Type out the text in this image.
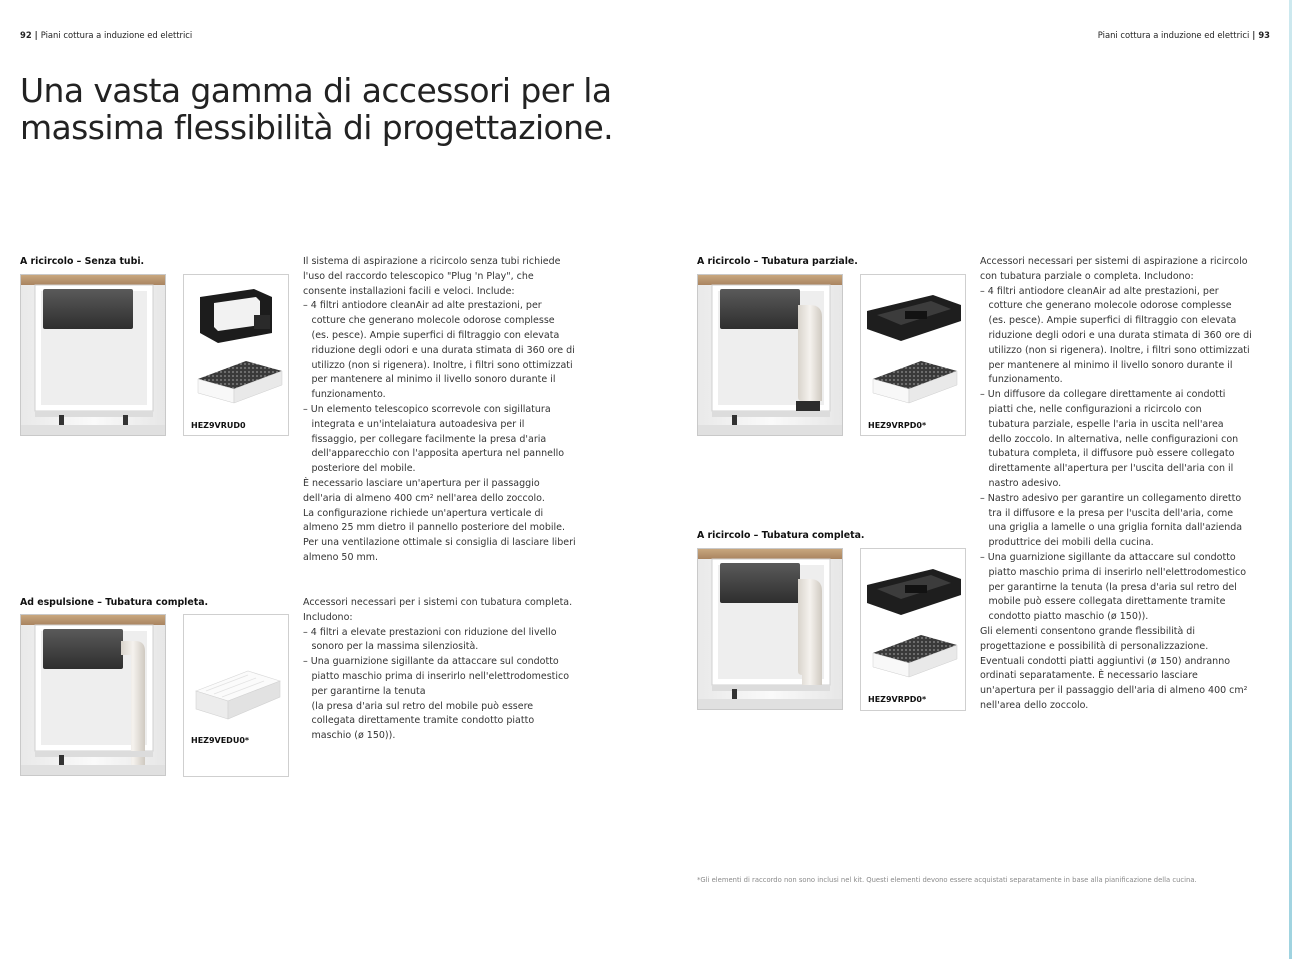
92 | Piani cottura a induzione ed elettrici	Piani cottura a induzione ed elettrici | 93
Una vasta gamma di accessori per la
massima flessibilità di progettazione.
A ricircolo – Senza tubi.
HEZ9VRUD0
Il sistema di aspirazione a ricircolo senza tubi richiede
l'uso del raccordo telescopico "Plug 'n Play", che
consente installazioni facili e veloci. Include:
– 4 filtri antiodore cleanAir ad alte prestazioni, per
cotture che generano molecole odorose complesse
(es. pesce). Ampie superfici di filtraggio con elevata
riduzione degli odori e una durata stimata di 360 ore di
utilizzo (non si rigenera). Inoltre, i filtri sono ottimizzati
per mantenere al minimo il livello sonoro durante il
funzionamento.
– Un elemento telescopico scorrevole con sigillatura
integrata e un'intelaiatura autoadesiva per il
fissaggio, per collegare facilmente la presa d'aria
dell'apparecchio con l'apposita apertura nel pannello
posteriore del mobile.
È necessario lasciare un'apertura per il passaggio
dell'aria di almeno 400 cm² nell'area dello zoccolo.
La configurazione richiede un'apertura verticale di
almeno 25 mm dietro il pannello posteriore del mobile.
Per una ventilazione ottimale si consiglia di lasciare liberi
almeno 50 mm.
Ad espulsione – Tubatura completa.
HEZ9VEDU0*
Accessori necessari per i sistemi con tubatura completa.
Includono:
– 4 filtri a elevate prestazioni con riduzione del livello
sonoro per la massima silenziosità.
– Una guarnizione sigillante da attaccare sul condotto
piatto maschio prima di inserirlo nell'elettrodomestico
per garantirne la tenuta
(la presa d'aria sul retro del mobile può essere
collegata direttamente tramite condotto piatto
maschio (ø 150)).
A ricircolo – Tubatura parziale.
HEZ9VRPD0*
A ricircolo – Tubatura completa.
HEZ9VRPD0*
Accessori necessari per sistemi di aspirazione a ricircolo
con tubatura parziale o completa. Includono:
– 4 filtri antiodore cleanAir ad alte prestazioni, per
cotture che generano molecole odorose complesse
(es. pesce). Ampie superfici di filtraggio con elevata
riduzione degli odori e una durata stimata di 360 ore di
utilizzo (non si rigenera). Inoltre, i filtri sono ottimizzati
per mantenere al minimo il livello sonoro durante il
funzionamento.
– Un diffusore da collegare direttamente ai condotti
piatti che, nelle configurazioni a ricircolo con
tubatura parziale, espelle l'aria in uscita nell'area
dello zoccolo. In alternativa, nelle configurazioni con
tubatura completa, il diffusore può essere collegato
direttamente all'apertura per l'uscita dell'aria con il
nastro adesivo.
– Nastro adesivo per garantire un collegamento diretto
tra il diffusore e la presa per l'uscita dell'aria, come
una griglia a lamelle o una griglia fornita dall'azienda
produttrice dei mobili della cucina.
– Una guarnizione sigillante da attaccare sul condotto
piatto maschio prima di inserirlo nell'elettrodomestico
per garantirne la tenuta (la presa d'aria sul retro del
mobile può essere collegata direttamente tramite
condotto piatto maschio (ø 150)).
Gli elementi consentono grande flessibilità di
progettazione e possibilità di personalizzazione.
Eventuali condotti piatti aggiuntivi (ø 150) andranno
ordinati separatamente. È necessario lasciare
un'apertura per il passaggio dell'aria di almeno 400 cm²
nell'area dello zoccolo.
*Gli elementi di raccordo non sono inclusi nel kit. Questi elementi devono essere acquistati separatamente in base alla pianificazione della cucina.
